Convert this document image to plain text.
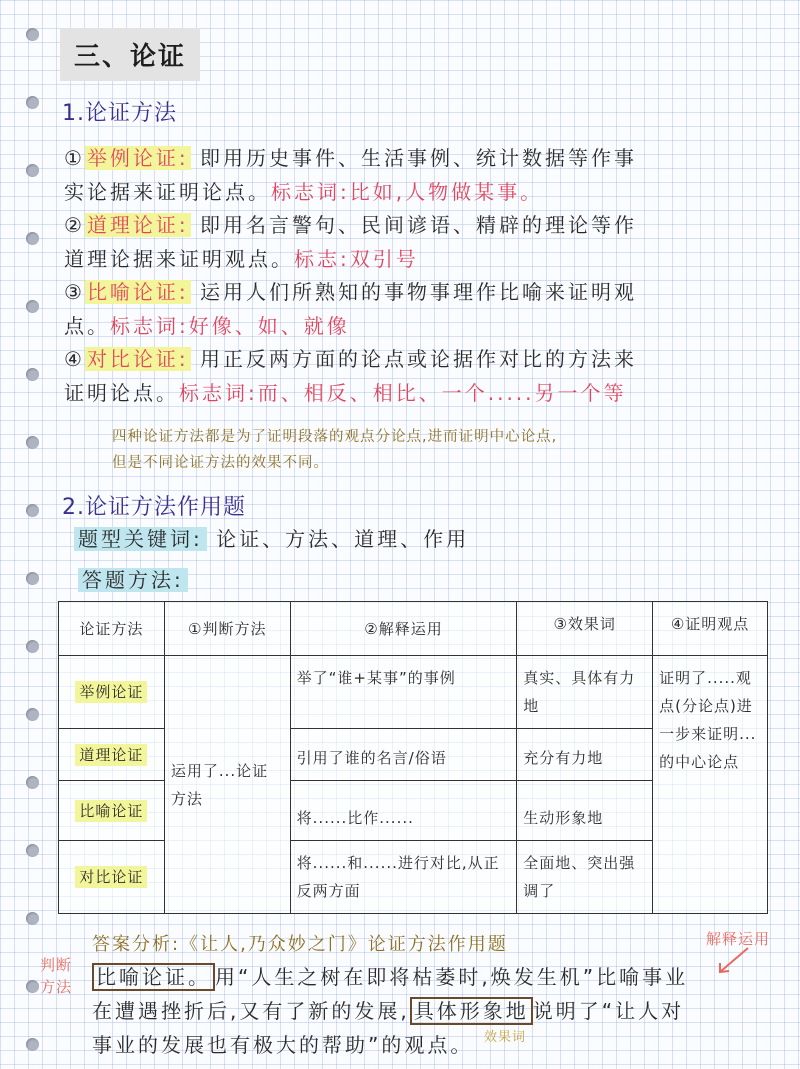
三、论证
1.论证方法
① 举例论证: 即用历史事件、生活事例、统计数据等作事
实论据来证明论点。标志词:比如,人物做某事。
② 道理论证: 即用名言警句、民间谚语、精辟的理论等作
道理论据来证明观点。标志:双引号
③ 比喻论证: 运用人们所熟知的事物事理作比喻来证明观
点。标志词:好像、如、就像
④ 对比论证: 用正反两方面的论点或论据作对比的方法来
证明论点。标志词:而、相反、相比、一个.....另一个等
四种论证方法都是为了证明段落的观点分论点,进而证明中心论点,
但是不同论证方法的效果不同。
2.论证方法作用题
题型关键词: 论证、方法、道理、作用
答题方法:
论证方法	①判断方法	②解释运用	③效果词	④证明观点
举例论证	运用了...论证方法	举了“谁+某事”的事例	真实、具体有力地	证明了.....观点(分论点)进一步来证明...的中心论点
道理论证		引用了谁的名言/俗语	充分有力地	
比喻论证		将......比作......	生动形象地	
对比论证		将......和......进行对比,从正反两方面	全面地、突出强调了	
答案分析:《让人,乃众妙之门》论证方法作用题
判断方法
解释运用
比喻论证。 用“人生之树在即将枯萎时,焕发生机”比喻事业
在遭遇挫折后,又有了新的发展, 具体形象地 说明了“让人对
事业的发展也有极大的帮助”的观点。 效果词
